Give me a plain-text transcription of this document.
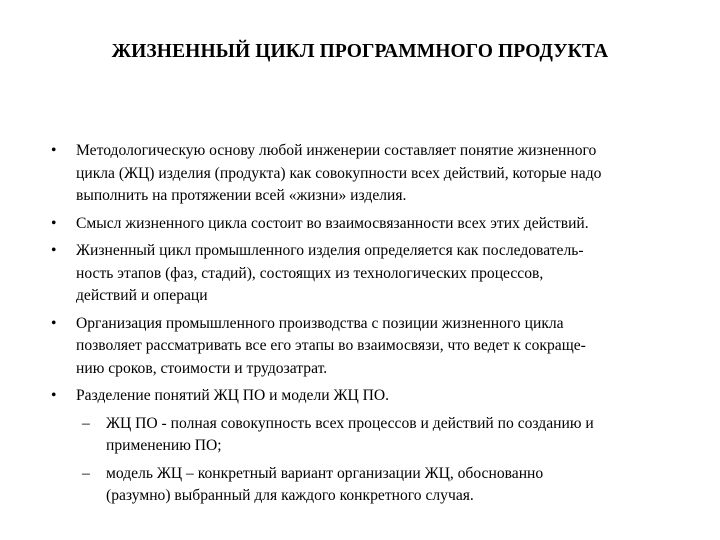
ЖИЗНЕННЫЙ ЦИКЛ ПРОГРАММНОГО ПРОДУКТА
•	Методологическую основу любой инженерии составляет понятие жизненного
цикла (ЖЦ) изделия (продукта) как совокупности всех действий, которые надо
выполнить на протяжении всей «жизни» изделия.
•	Смысл жизненного цикла состоит во взаимосвязанности всех этих действий.
•	Жизненный цикл промышленного изделия определяется как последователь-
ность этапов (фаз, стадий), состоящих из технологических процессов,
действий и операци
•	Организация промышленного производства с позиции жизненного цикла
позволяет рассматривать все его этапы во взаимосвязи, что ведет к сокраще-
нию сроков, стоимости и трудозатрат.
•	Разделение понятий ЖЦ ПО и модели ЖЦ ПО.
–	ЖЦ ПО - полная совокупность всех процессов и действий по созданию и
применению ПО;
–	модель ЖЦ – конкретный вариант организации ЖЦ, обоснованно
(разумно) выбранный для каждого конкретного случая.
